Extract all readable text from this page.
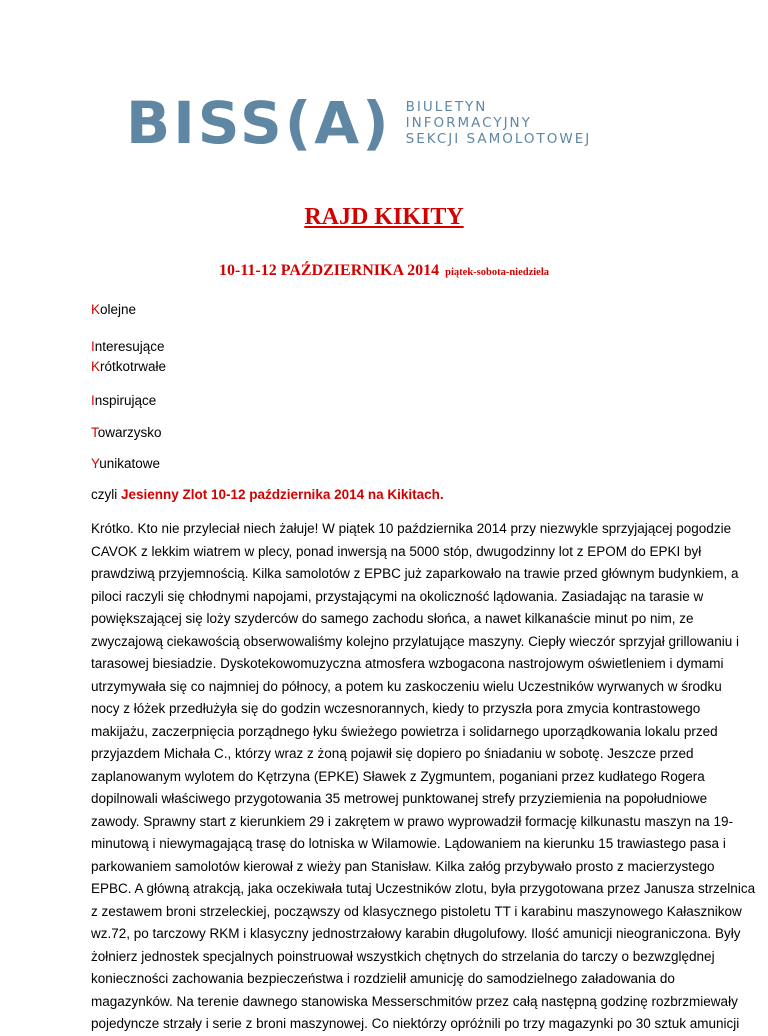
BISS(A) BIULETYN
INFORMACYJNY
SEKCJI SAMOLOTOWEJ
RAJD KIKITY
10-11-12 PAŹDZIERNIKA 2014 piątek-sobota-niedziela
Kolejne
Interesujące
Krótkotrwałe
Inspirujące
Towarzysko
Yunikatowe
czyli Jesienny Zlot 10-12 października 2014 na Kikitach.
Krótko. Kto nie przyleciał niech żałuje! W piątek 10 października 2014 przy niezwykle sprzyjającej pogodzie
CAVOK z lekkim wiatrem w plecy, ponad inwersją na 5000 stóp, dwugodzinny lot z EPOM do EPKI był
prawdziwą przyjemnością. Kilka samolotów z EPBC już zaparkowało na trawie przed głównym budynkiem, a
piloci raczyli się chłodnymi napojami, przystającymi na okoliczność lądowania. Zasiadając na tarasie w
powiększającej się loży szyderców do samego zachodu słońca, a nawet kilkanaście minut po nim, ze
zwyczajową ciekawością obserwowaliśmy kolejno przylatujące maszyny. Ciepły wieczór sprzyjał grillowaniu i
tarasowej biesiadzie. Dyskotekowomuzyczna atmosfera wzbogacona nastrojowym oświetleniem i dymami
utrzymywała się co najmniej do północy, a potem ku zaskoczeniu wielu Uczestników wyrwanych w środku
nocy z łóżek przedłużyła się do godzin wczesnorannych, kiedy to przyszła pora zmycia kontrastowego
makijażu, zaczerpnięcia porządnego łyku świeżego powietrza i solidarnego uporządkowania lokalu przed
przyjazdem Michała C., którzy wraz z żoną pojawił się dopiero po śniadaniu w sobotę. Jeszcze przed
zaplanowanym wylotem do Kętrzyna (EPKE) Sławek z Zygmuntem, poganiani przez kudłatego Rogera
dopilnowali właściwego przygotowania 35 metrowej punktowanej strefy przyziemienia na popołudniowe
zawody. Sprawny start z kierunkiem 29 i zakrętem w prawo wyprowadził formację kilkunastu maszyn na 19-
minutową i niewymagającą trasę do lotniska w Wilamowie. Lądowaniem na kierunku 15 trawiastego pasa i
parkowaniem samolotów kierował z wieży pan Stanisław. Kilka załóg przybywało prosto z macierzystego
EPBC. A główną atrakcją, jaka oczekiwała tutaj Uczestników zlotu, była przygotowana przez Janusza strzelnica
z zestawem broni strzeleckiej, począwszy od klasycznego pistoletu TT i karabinu maszynowego Kałasznikow
wz.72, po tarczowy RKM i klasyczny jednostrzałowy karabin długolufowy. Ilość amunicji nieograniczona. Były
żołnierz jednostek specjalnych poinstruował wszystkich chętnych do strzelania do tarczy o bezwzględnej
konieczności zachowania bezpieczeństwa i rozdzielił amunicję do samodzielnego załadowania do
magazynków. Na terenie dawnego stanowiska Messerschmitów przez całą następną godzinę rozbrzmiewały
pojedyncze strzały i serie z broni maszynowej. Co niektórzy opróżnili po trzy magazynki po 30 sztuk amunicji
